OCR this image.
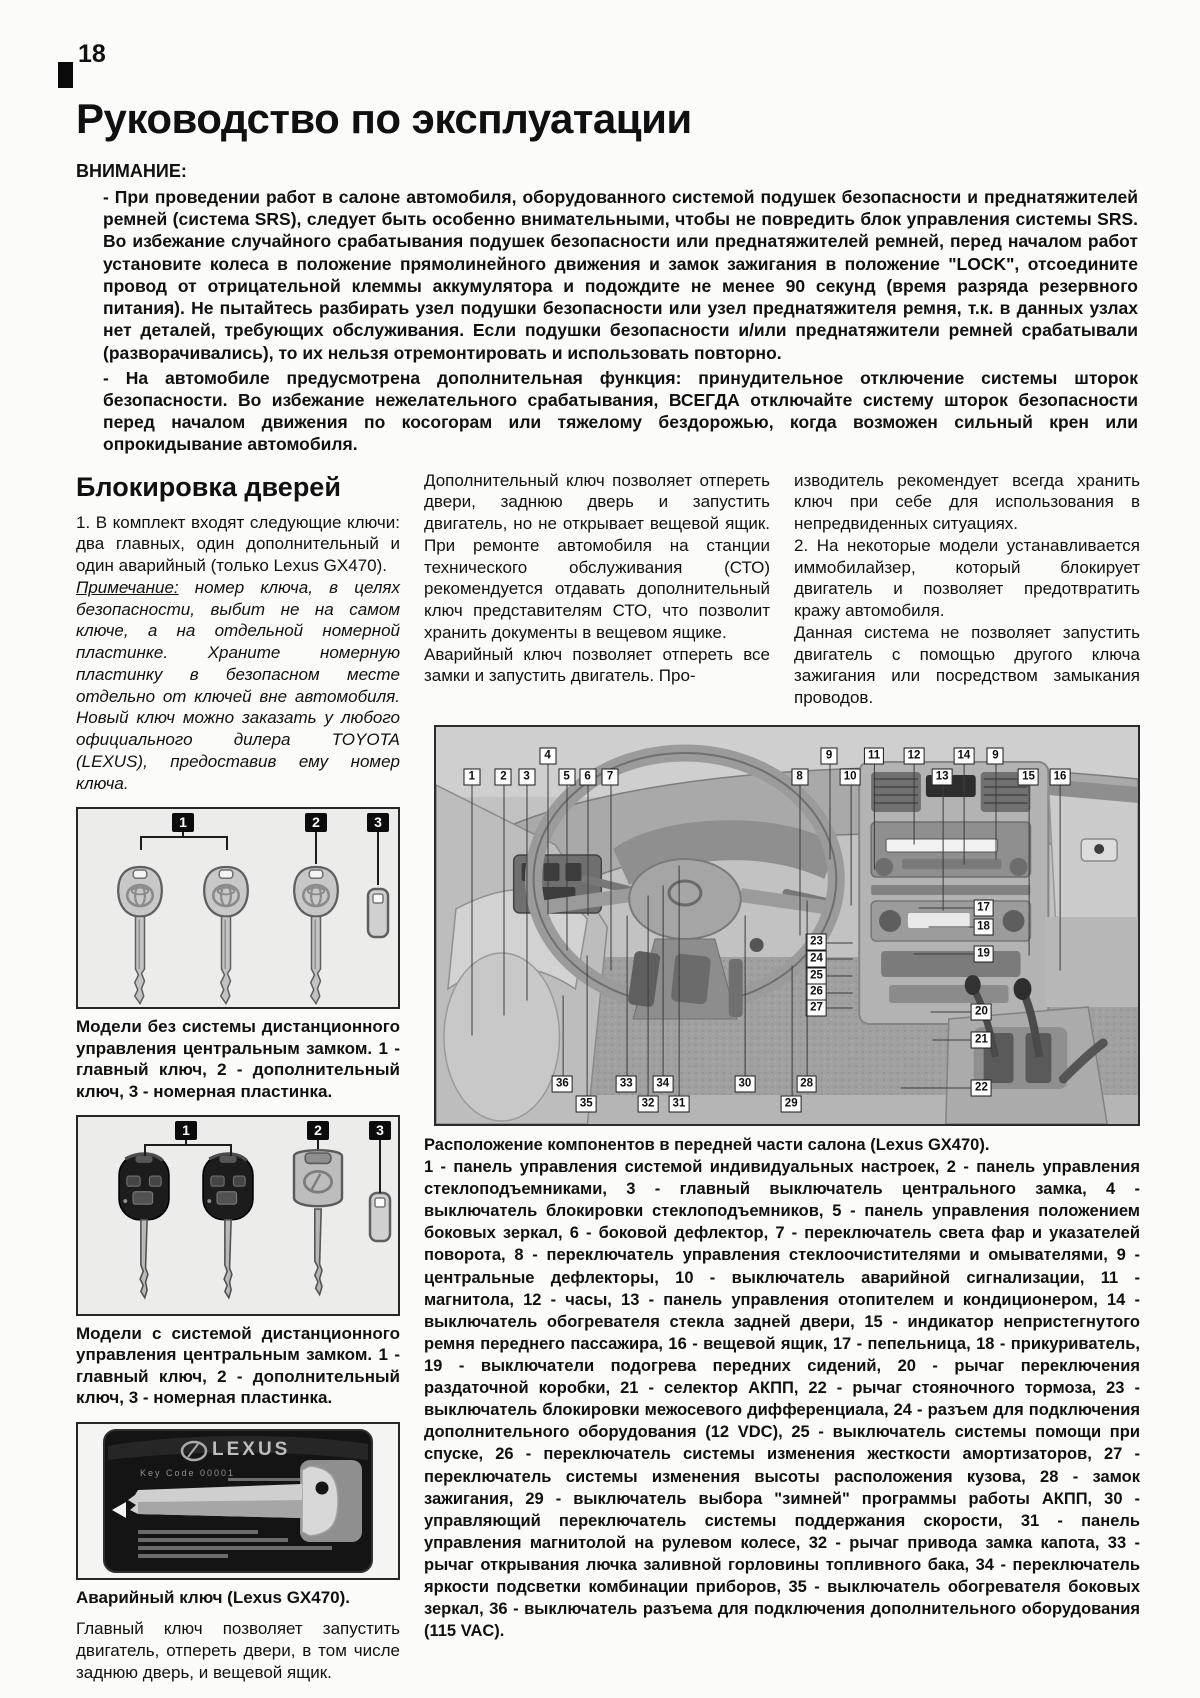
18
Руководство по эксплуатации
ВНИМАНИЕ:

- При проведении работ в салоне автомобиля, оборудованного системой подушек безопасности и преднатяжителей ремней (система SRS), следует быть особенно внимательными, чтобы не повредить блок управления системы SRS. Во избежание случайного срабатывания подушек безопасности или преднатяжителей ремней, перед началом работ установите колеса в положение прямолинейного движения и замок зажигания в положение "LOCK", отсоедините провод от отрицательной клеммы аккумулятора и подождите не менее 90 секунд (время разряда резервного питания). Не пытайтесь разбирать узел подушки безопасности или узел преднатяжителя ремня, т.к. в данных узлах нет деталей, требующих обслуживания. Если подушки безопасности и/или преднатяжители ремней срабатывали (разворачивались), то их нельзя отремонтировать и использовать повторно.

- На автомобиле предусмотрена дополнительная функция: принудительное отключение системы шторок безопасности. Во избежание нежелательного срабатывания, ВСЕГДА отключайте систему шторок безопасности перед началом движения по косогорам или тяжелому бездорожью, когда возможен сильный крен или опрокидывание автомобиля.

Блокировка дверей

1. В комплект входят следующие ключи: два главных, один дополнительный и один аварийный (только Lexus GX470).

Примечание: номер ключа, в целях безопасности, выбит не на самом ключе, а на отдельной номерной пластинке. Храните номерную пластинку в безопасном месте отдельно от ключей вне автомобиля. Новый ключ можно заказать у любого официального дилера TOYOTA (LEXUS), предоставив ему номер ключа.

1	2	3

Модели без системы дистанционного управления центральным замком. 1 - главный ключ, 2 - дополнительный ключ, 3 - номерная пластинка.

1	2	3

Модели с системой дистанционного управления центральным замком. 1 - главный ключ, 2 - дополнительный ключ, 3 - номерная пластинка.

LEXUS
Key Code 00001

Аварийный ключ (Lexus GX470).

Главный ключ позволяет запустить двигатель, отпереть двери, в том числе заднюю дверь, и вещевой ящик.

Дополнительный ключ позволяет отпереть двери, заднюю дверь и запустить двигатель, но не открывает вещевой ящик. При ремонте автомобиля на станции технического обслуживания (СТО) рекомендуется отдавать дополнительный ключ представителям СТО, что позволит хранить документы в вещевом ящике.

Аварийный ключ позволяет отпереть все замки и запустить двигатель. Про-

изводитель рекомендует всегда хранить ключ при себе для использования в непредвиденных ситуациях.

2. На некоторые модели устанавливается иммобилайзер, который блокирует двигатель и позволяет предотвратить кражу автомобиля.

Данная система не позволяет запустить двигатель с помощью другого ключа зажигания или посредством замыкания проводов.

1	2	3
4
5	6	7	8
9
10
11	12
13
14	9
15	16
17
18
19
20
21
22
23
24
25
26
27
36
35
33
32
34
31
30
29
28

Расположение компонентов в передней части салона (Lexus GX470).

1 - панель управления системой индивидуальных настроек, 2 - панель управления стеклоподъемниками, 3 - главный выключатель центрального замка, 4 - выключатель блокировки стеклоподъемников, 5 - панель управления положением боковых зеркал, 6 - боковой дефлектор, 7 - переключатель света фар и указателей поворота, 8 - переключатель управления стеклоочистителями и омывателями, 9 - центральные дефлекторы, 10 - выключатель аварийной сигнализации, 11 - магнитола, 12 - часы, 13 - панель управления отопителем и кондиционером, 14 - выключатель обогревателя стекла задней двери, 15 - индикатор непристегнутого ремня переднего пассажира, 16 - вещевой ящик, 17 - пепельница, 18 - прикуриватель, 19 - выключатели подогрева передних сидений, 20 - рычаг переключения раздаточной коробки, 21 - селектор АКПП, 22 - рычаг стояночного тормоза, 23 - выключатель блокировки межосевого дифференциала, 24 - разъем для подключения дополнительного оборудования (12 VDC), 25 - выключатель системы помощи при спуске, 26 - переключатель системы изменения жесткости амортизаторов, 27 - переключатель системы изменения высоты расположения кузова, 28 - замок зажигания, 29 - выключатель выбора "зимней" программы работы АКПП, 30 - управляющий переключатель системы поддержания скорости, 31 - панель управления магнитолой на рулевом колесе, 32 - рычаг привода замка капота, 33 - рычаг открывания лючка заливной горловины топливного бака, 34 - переключатель яркости подсветки комбинации приборов, 35 - выключатель обогревателя боковых зеркал, 36 - выключатель разъема для подключения дополнительного оборудования (115 VAC).
